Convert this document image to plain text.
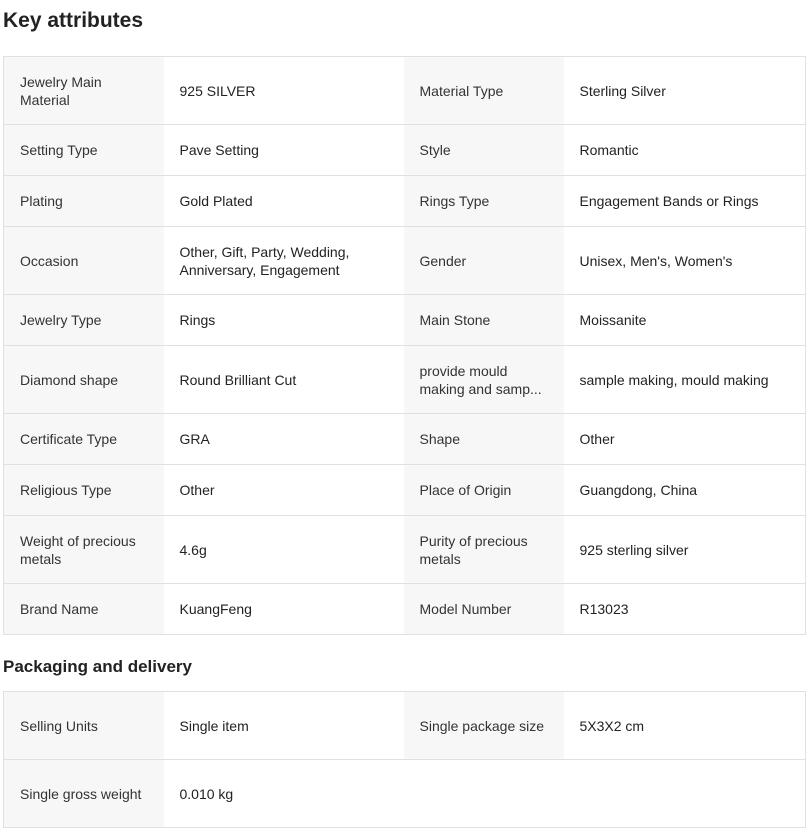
Key attributes
Jewelry Main Material	925 SILVER	Material Type	Sterling Silver
Setting Type	Pave Setting	Style	Romantic
Plating	Gold Plated	Rings Type	Engagement Bands or Rings
Occasion	Other, Gift, Party, Wedding, Anniversary, Engagement	Gender	Unisex, Men's, Women's
Jewelry Type	Rings	Main Stone	Moissanite
Diamond shape	Round Brilliant Cut	provide mould making and samp...	sample making, mould making
Certificate Type	GRA	Shape	Other
Religious Type	Other	Place of Origin	Guangdong, China
Weight of precious metals	4.6g	Purity of precious metals	925 sterling silver
Brand Name	KuangFeng	Model Number	R13023
Packaging and delivery
Selling Units	Single item	Single package size	5X3X2 cm
Single gross weight	0.010 kg		
